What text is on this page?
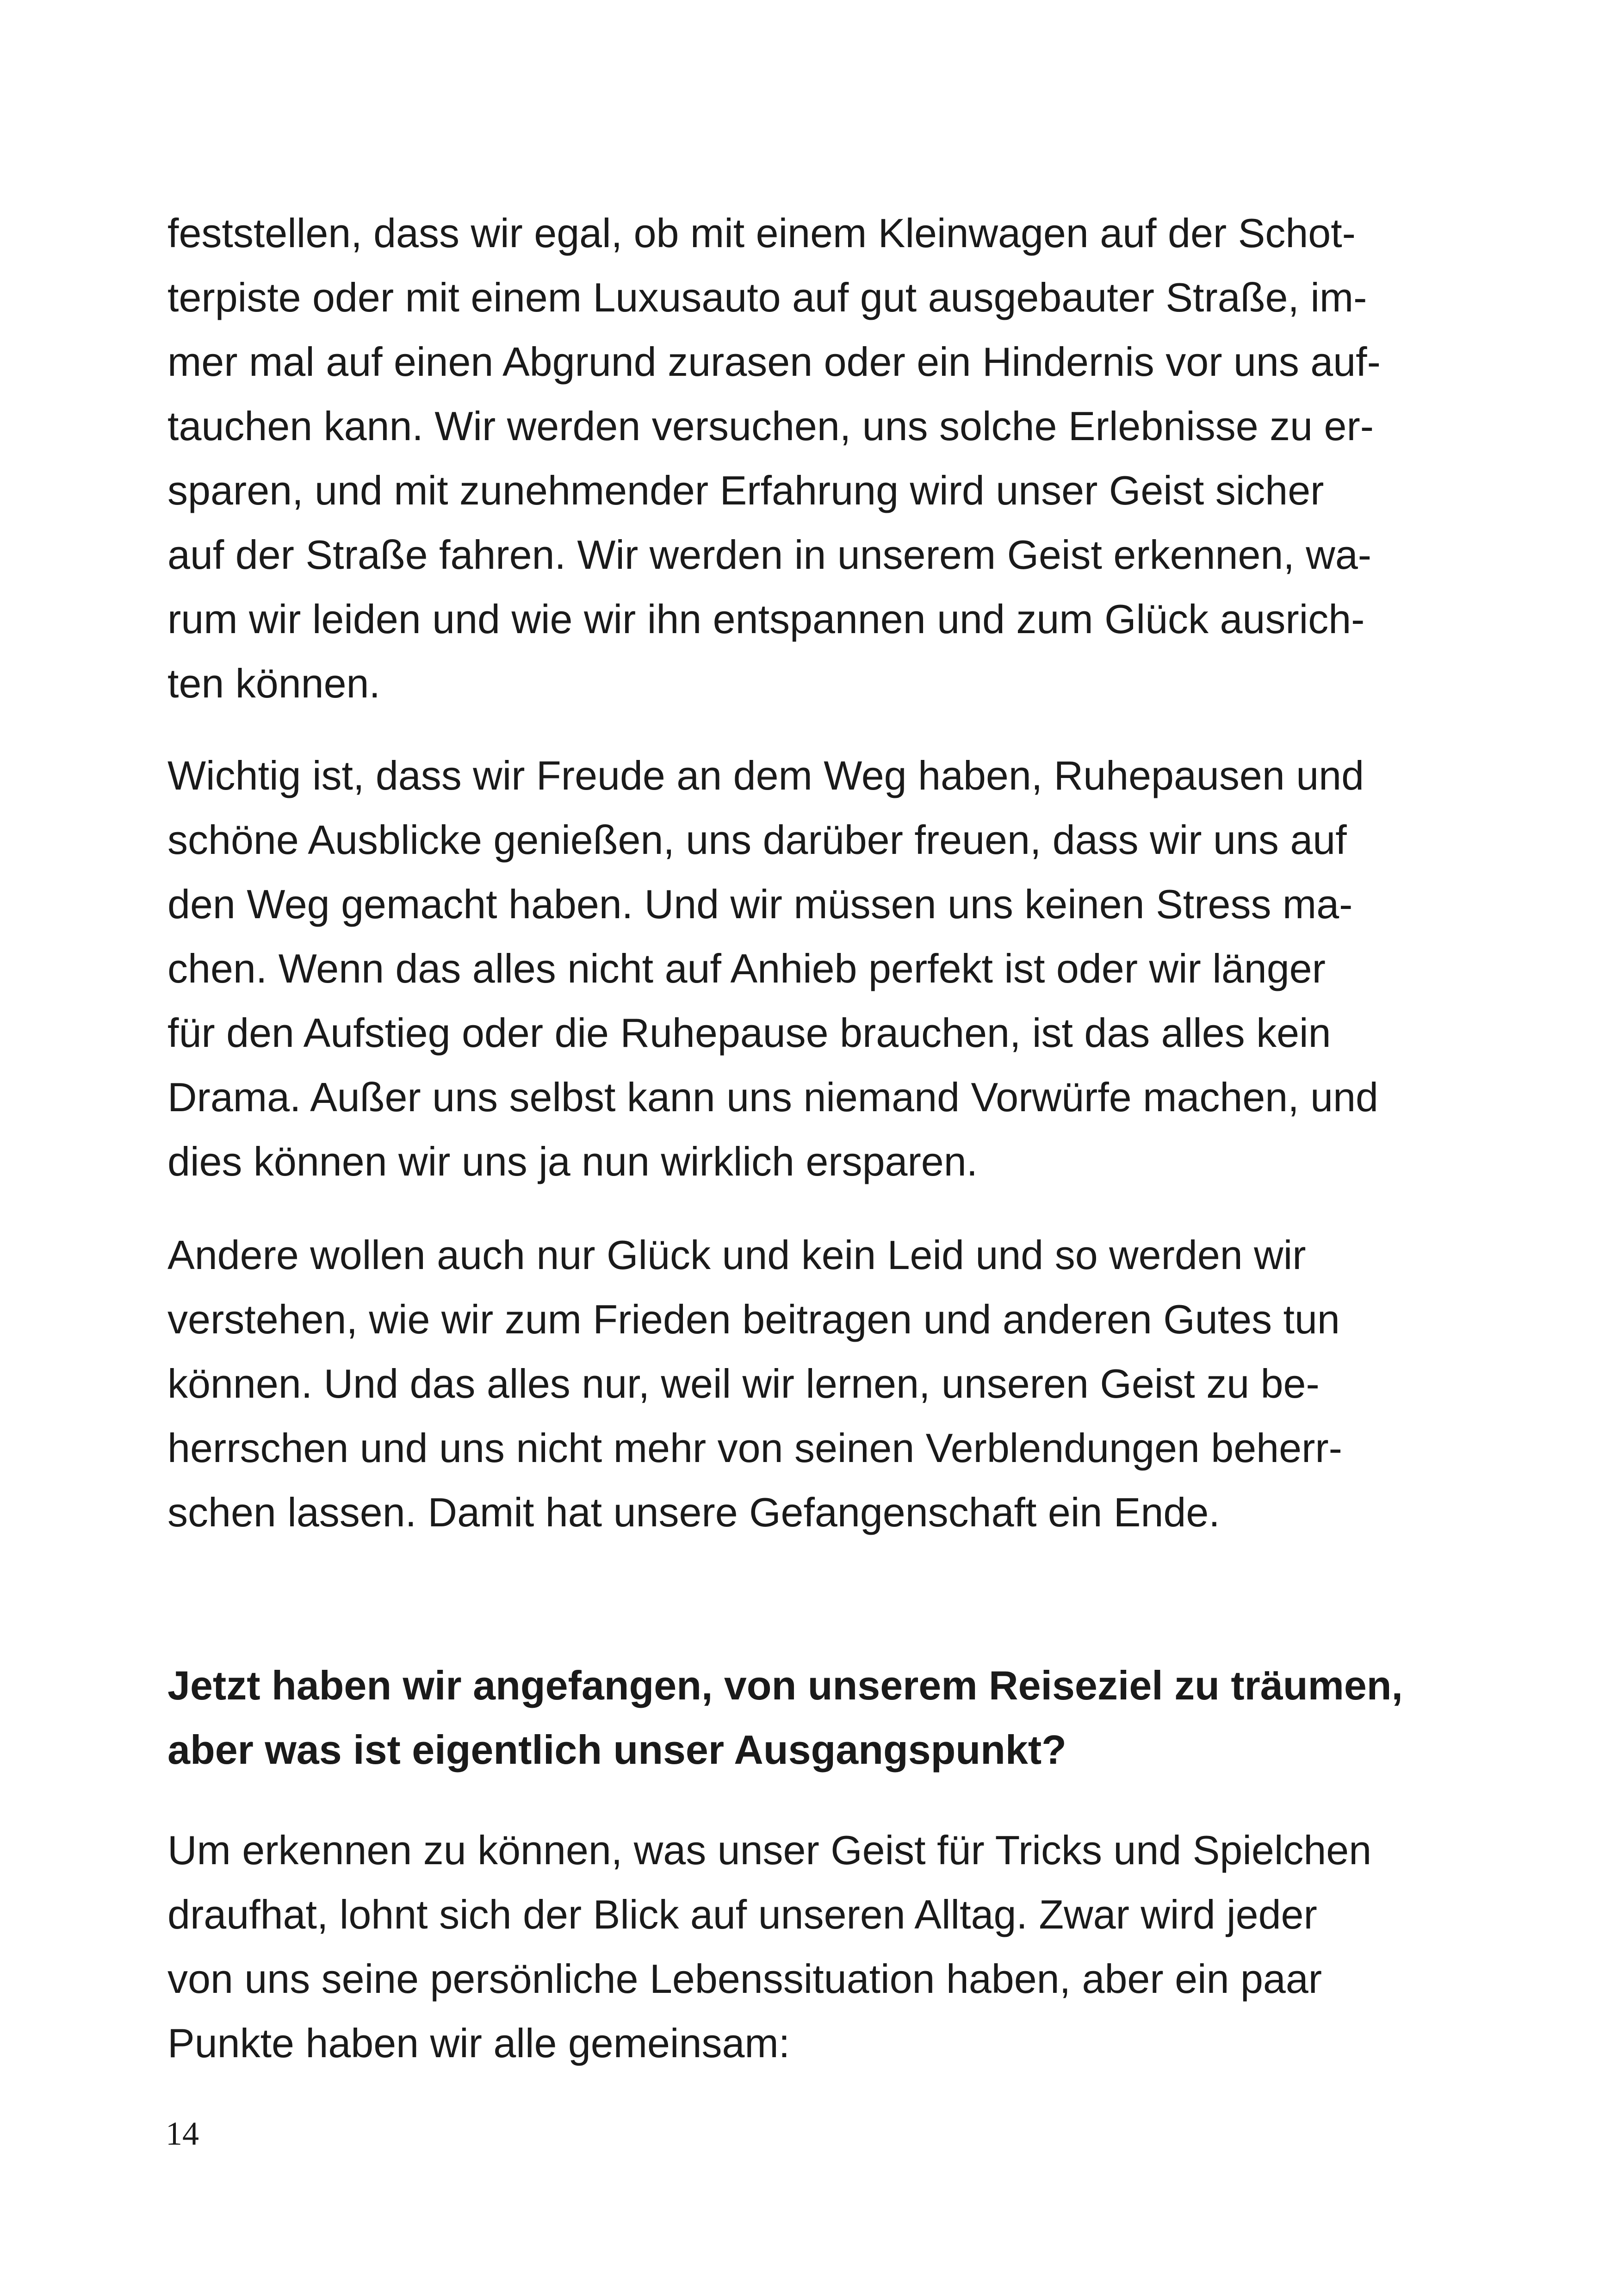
feststellen, dass wir egal, ob mit einem Kleinwagen auf der Schot-
terpiste oder mit einem Luxusauto auf gut ausgebauter Straße, im-
mer mal auf einen Abgrund zurasen oder ein Hindernis vor uns auf-
tauchen kann. Wir werden versuchen, uns solche Erlebnisse zu er-
sparen, und mit zunehmender Erfahrung wird unser Geist sicher
auf der Straße fahren. Wir werden in unserem Geist erkennen, wa-
rum wir leiden und wie wir ihn entspannen und zum Glück ausrich-
ten können.
Wichtig ist, dass wir Freude an dem Weg haben, Ruhepausen und
schöne Ausblicke genießen, uns darüber freuen, dass wir uns auf
den Weg gemacht haben. Und wir müssen uns keinen Stress ma-
chen. Wenn das alles nicht auf Anhieb perfekt ist oder wir länger
für den Aufstieg oder die Ruhepause brauchen, ist das alles kein
Drama. Außer uns selbst kann uns niemand Vorwürfe machen, und
dies können wir uns ja nun wirklich ersparen.
Andere wollen auch nur Glück und kein Leid und so werden wir
verstehen, wie wir zum Frieden beitragen und anderen Gutes tun
können. Und das alles nur, weil wir lernen, unseren Geist zu be-
herrschen und uns nicht mehr von seinen Verblendungen beherr-
schen lassen. Damit hat unsere Gefangenschaft ein Ende.
Jetzt haben wir angefangen, von unserem Reiseziel zu träumen,
aber was ist eigentlich unser Ausgangspunkt?
Um erkennen zu können, was unser Geist für Tricks und Spielchen
draufhat, lohnt sich der Blick auf unseren Alltag. Zwar wird jeder
von uns seine persönliche Lebenssituation haben, aber ein paar
Punkte haben wir alle gemeinsam:
14
